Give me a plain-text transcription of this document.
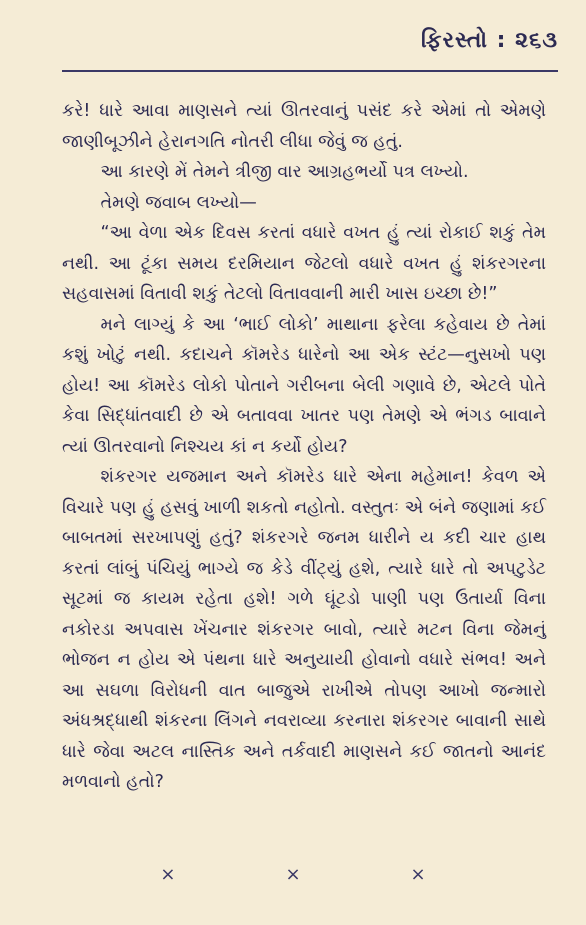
ફિરસ્તો : ૨૬૩

કરે! ધારે આવા માણસને ત્યાં ઊતરવાનું પસંદ કરે એમાં તો એમણે જાણીબૂઝીને હેરાનગતિ નોતરી લીધા જેવું જ હતું.

આ કારણે મેં તેમને ત્રીજી વાર આગ્રહભર્યો પત્ર લખ્યો.

તેમણે જવાબ લખ્યો—

“આ વેળા એક દિવસ કરતાં વધારે વખત હું ત્યાં રોકાઈ શકું તેમ નથી. આ ટૂંકા સમય દરમિયાન જેટલો વધારે વખત હું શંકરગરના સહવાસમાં વિતાવી શકું તેટલો વિતાવવાની મારી ખાસ ઇચ્છા છે!”

મને લાગ્યું કે આ ‘ભાઈ લોકો’ માથાના ફરેલા કહેવાય છે તેમાં કશું ખોટું નથી. કદાચને કૉમરેડ ધારેનો આ એક સ્ટંટ—નુસખો પણ હોય! આ કૉમરેડ લોકો પોતાને ગરીબના બેલી ગણાવે છે, એટલે પોતે કેવા સિદ્ધાંતવાદી છે એ બતાવવા ખાતર પણ તેમણે એ ભંગડ બાવાને ત્યાં ઊતરવાનો નિશ્ચય કાં ન કર્યો હોય?

શંકરગર યજમાન અને કૉમરેડ ધારે એના મહેમાન! કેવળ એ વિચારે પણ હું હસવું ખાળી શકતો નહોતો. વસ્તુતઃ એ બંને જણામાં કઈ બાબતમાં સરખાપણું હતું? શંકરગરે જનમ ધારીને ય કદી ચાર હાથ કરતાં લાંબું પંચિયું ભાગ્યે જ કેડે વીંટ્યું હશે, ત્યારે ધારે તો અપટુડેટ સૂટમાં જ કાયમ રહેતા હશે! ગળે ઘૂંટડો પાણી પણ ઉતાર્યા વિના નકોરડા અપવાસ ખેંચનાર શંકરગર બાવો, ત્યારે મટન વિના જેમનું ભોજન ન હોય એ પંથના ધારે અનુયાયી હોવાનો વધારે સંભવ! અને આ સઘળા વિરોધની વાત બાજુએ રાખીએ તોપણ આખો જન્મારો અંધશ્રદ્ધાથી શંકરના લિંગને નવરાવ્યા કરનારા શંકરગર બાવાની સાથે ધારે જેવા અટલ નાસ્તિક અને તર્કવાદી માણસને કઈ જાતનો આનંદ મળવાનો હતો?

×	×	×
